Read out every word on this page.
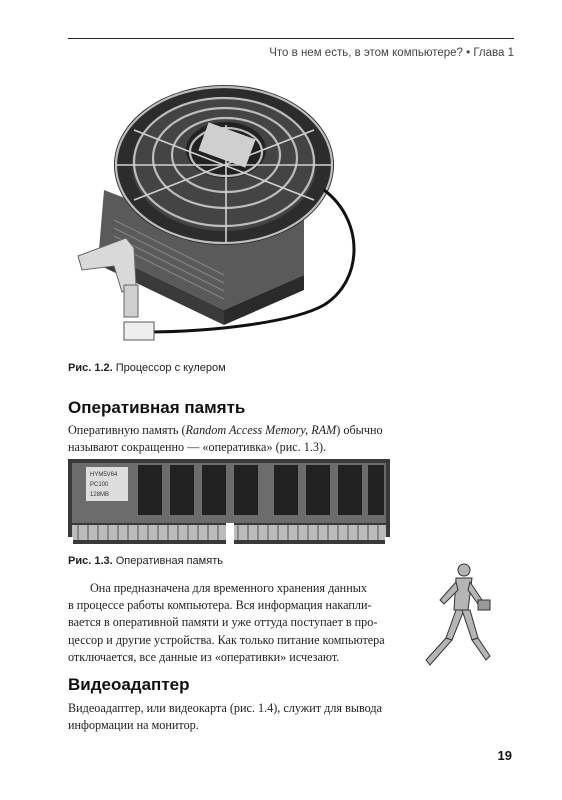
Что в нем есть, в этом компьютере? • Глава 1
Рис. 1.2. Процессор с кулером
Оперативная память
Оперативную память (Random Access Memory, RAM) обычно
называют сокращенно — «оперативка» (рис. 1.3).
HYM5V64
PC100
128MB
Рис. 1.3. Оперативная память
Она предназначена для временного хранения данных
в процессе работы компьютера. Вся информация накапли-
вается в оперативной памяти и уже оттуда поступает в про-
цессор и другие устройства. Как только питание компьютера
отключается, все данные из «оперативки» исчезают.
Видеоадаптер
Видеоадаптер, или видеокарта (рис. 1.4), служит для вывода
информации на монитор.
19
